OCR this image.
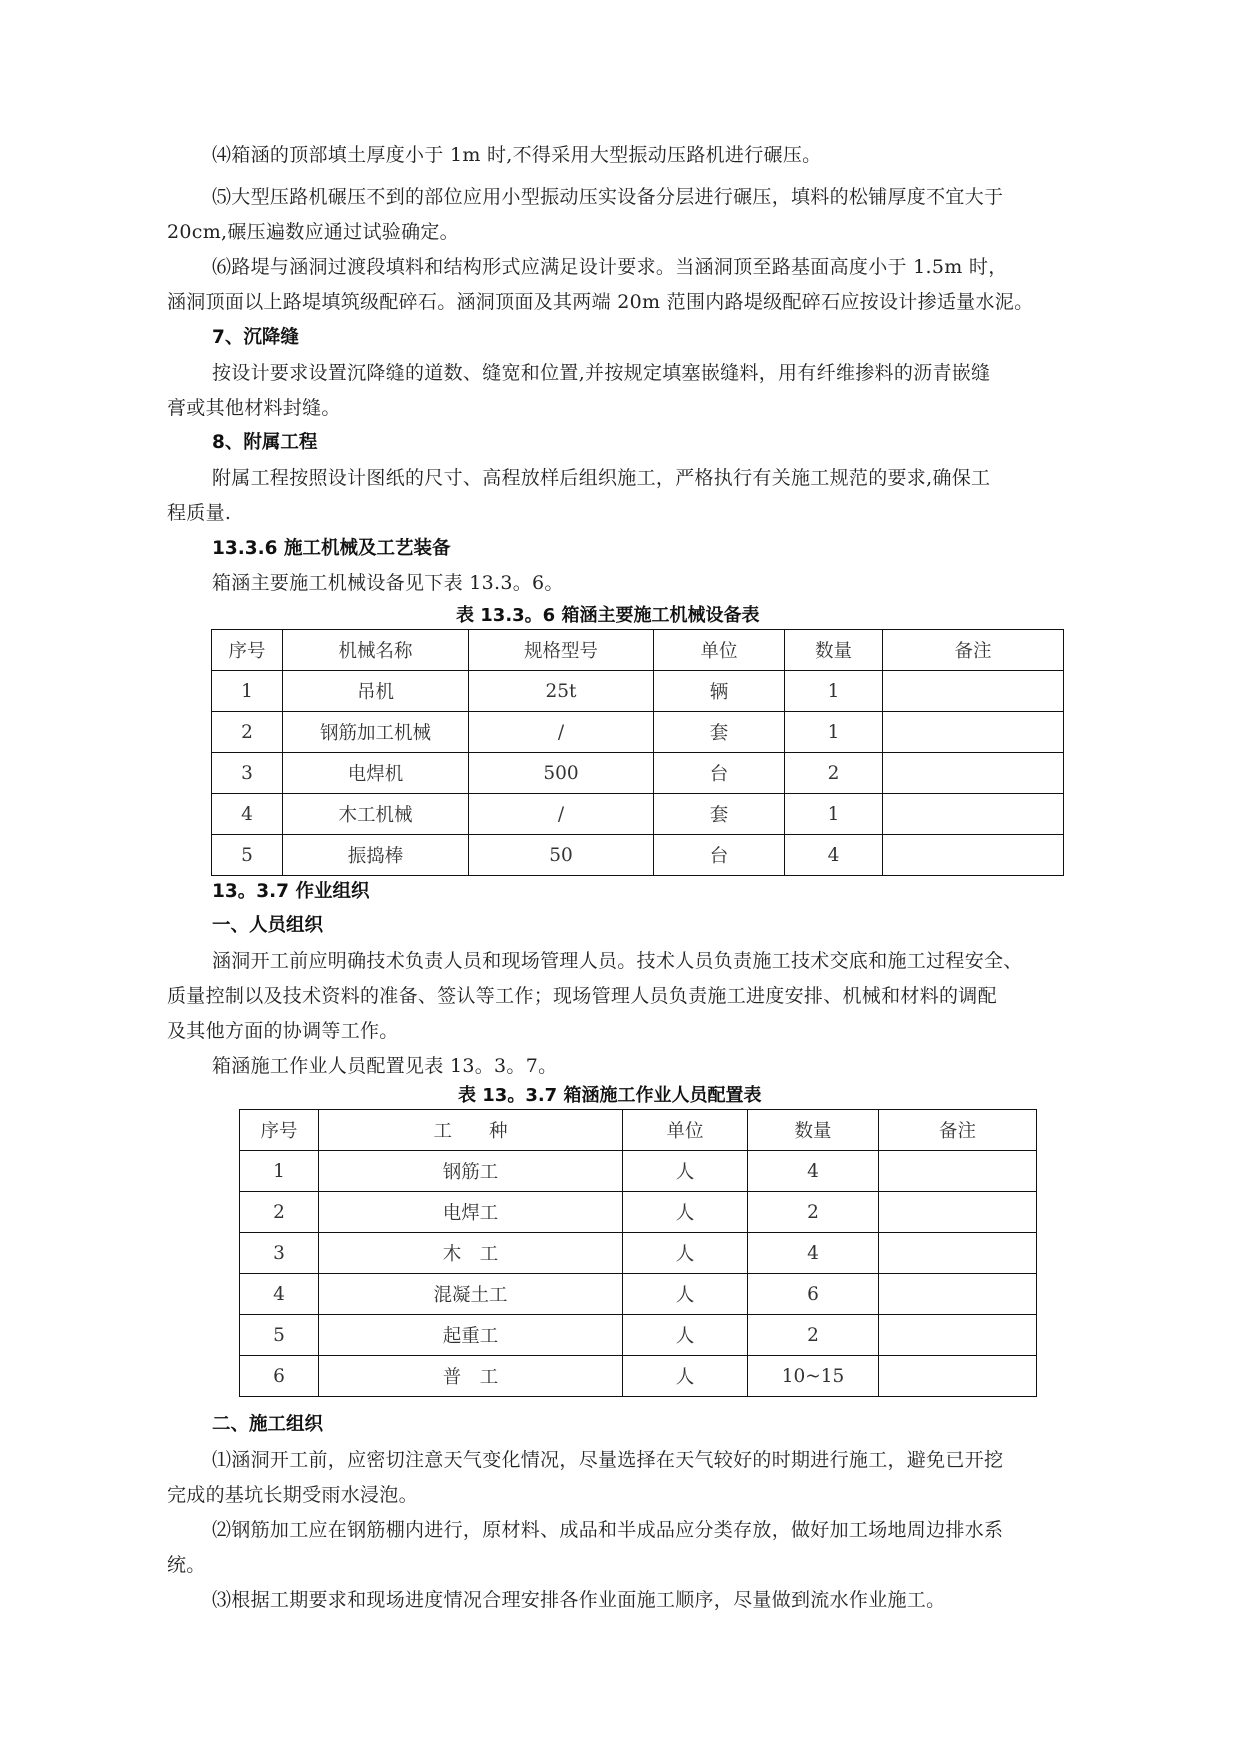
⑷箱涵的顶部填土厚度小于 1m 时,不得采用大型振动压路机进行碾压。
⑸大型压路机碾压不到的部位应用小型振动压实设备分层进行碾压，填料的松铺厚度不宜大于
20cm,碾压遍数应通过试验确定。
⑹路堤与涵洞过渡段填料和结构形式应满足设计要求。当涵洞顶至路基面高度小于 1.5m 时，
涵洞顶面以上路堤填筑级配碎石。涵洞顶面及其两端 20m 范围内路堤级配碎石应按设计掺适量水泥。
7、沉降缝
按设计要求设置沉降缝的道数、缝宽和位置,并按规定填塞嵌缝料，用有纤维掺料的沥青嵌缝
膏或其他材料封缝。
8、附属工程
附属工程按照设计图纸的尺寸、高程放样后组织施工，严格执行有关施工规范的要求,确保工
程质量.
13.3.6 施工机械及工艺装备
箱涵主要施工机械设备见下表 13.3。6。
表 13.3。6 箱涵主要施工机械设备表
序号	机械名称	规格型号	单位	数量	备注
1	吊机	25t	辆	1	
2	钢筋加工机械	/	套	1	
3	电焊机	500	台	2	
4	木工机械	/	套	1	
5	振捣棒	50	台	4	
13。3.7 作业组织
一、人员组织
涵洞开工前应明确技术负责人员和现场管理人员。技术人员负责施工技术交底和施工过程安全、
质量控制以及技术资料的准备、签认等工作；现场管理人员负责施工进度安排、机械和材料的调配
及其他方面的协调等工作。
箱涵施工作业人员配置见表 13。3。7。
表 13。3.7 箱涵施工作业人员配置表
序号	工　　种	单位	数量	备注
1	钢筋工	人	4	
2	电焊工	人	2	
3	木　工	人	4	
4	混凝土工	人	6	
5	起重工	人	2	
6	普　工	人	10~15	
二、施工组织
⑴涵洞开工前，应密切注意天气变化情况，尽量选择在天气较好的时期进行施工，避免已开挖
完成的基坑长期受雨水浸泡。
⑵钢筋加工应在钢筋棚内进行，原材料、成品和半成品应分类存放，做好加工场地周边排水系
统。
⑶根据工期要求和现场进度情况合理安排各作业面施工顺序，尽量做到流水作业施工。
